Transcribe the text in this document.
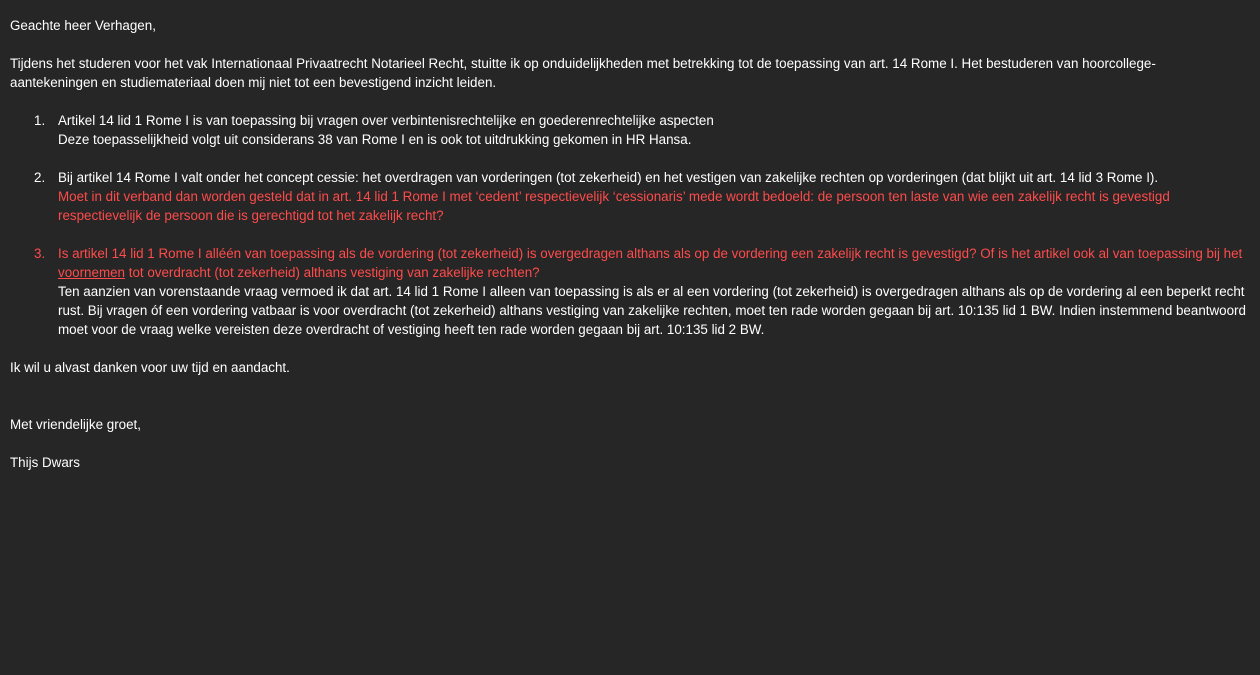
Geachte heer Verhagen,

Tijdens het studeren voor het vak Internationaal Privaatrecht Notarieel Recht, stuitte ik op onduidelijkheden met betrekking tot de toepassing van art. 14 Rome I. Het bestuderen van hoorcollege-aantekeningen en studiemateriaal doen mij niet tot een bevestigend inzicht leiden.

1. Artikel 14 lid 1 Rome I is van toepassing bij vragen over verbintenisrechtelijke en goederenrechtelijke aspecten

Deze toepasselijkheid volgt uit considerans 38 van Rome I en is ook tot uitdrukking gekomen in HR Hansa.

2. Bij artikel 14 Rome I valt onder het concept cessie: het overdragen van vorderingen (tot zekerheid) en het vestigen van zakelijke rechten op vorderingen (dat blijkt uit art. 14 lid 3 Rome I).

Moet in dit verband dan worden gesteld dat in art. 14 lid 1 Rome I met ‘cedent’ respectievelijk ‘cessionaris’ mede wordt bedoeld: de persoon ten laste van wie een zakelijk recht is gevestigd respectievelijk de persoon die is gerechtigd tot het zakelijk recht?

3. Is artikel 14 lid 1 Rome I alléén van toepassing als de vordering (tot zekerheid) is overgedragen althans als op de vordering een zakelijk recht is gevestigd? Of is het artikel ook al van toepassing bij het voornemen tot overdracht (tot zekerheid) althans vestiging van zakelijke rechten?

Ten aanzien van vorenstaande vraag vermoed ik dat art. 14 lid 1 Rome I alleen van toepassing is als er al een vordering (tot zekerheid) is overgedragen althans als op de vordering al een beperkt recht rust. Bij vragen óf een vordering vatbaar is voor overdracht (tot zekerheid) althans vestiging van zakelijke rechten, moet ten rade worden gegaan bij art. 10:135 lid 1 BW. Indien instemmend beantwoord moet voor de vraag welke vereisten deze overdracht of vestiging heeft ten rade worden gegaan bij art. 10:135 lid 2 BW.

Ik wil u alvast danken voor uw tijd en aandacht.

Met vriendelijke groet,

Thijs Dwars
